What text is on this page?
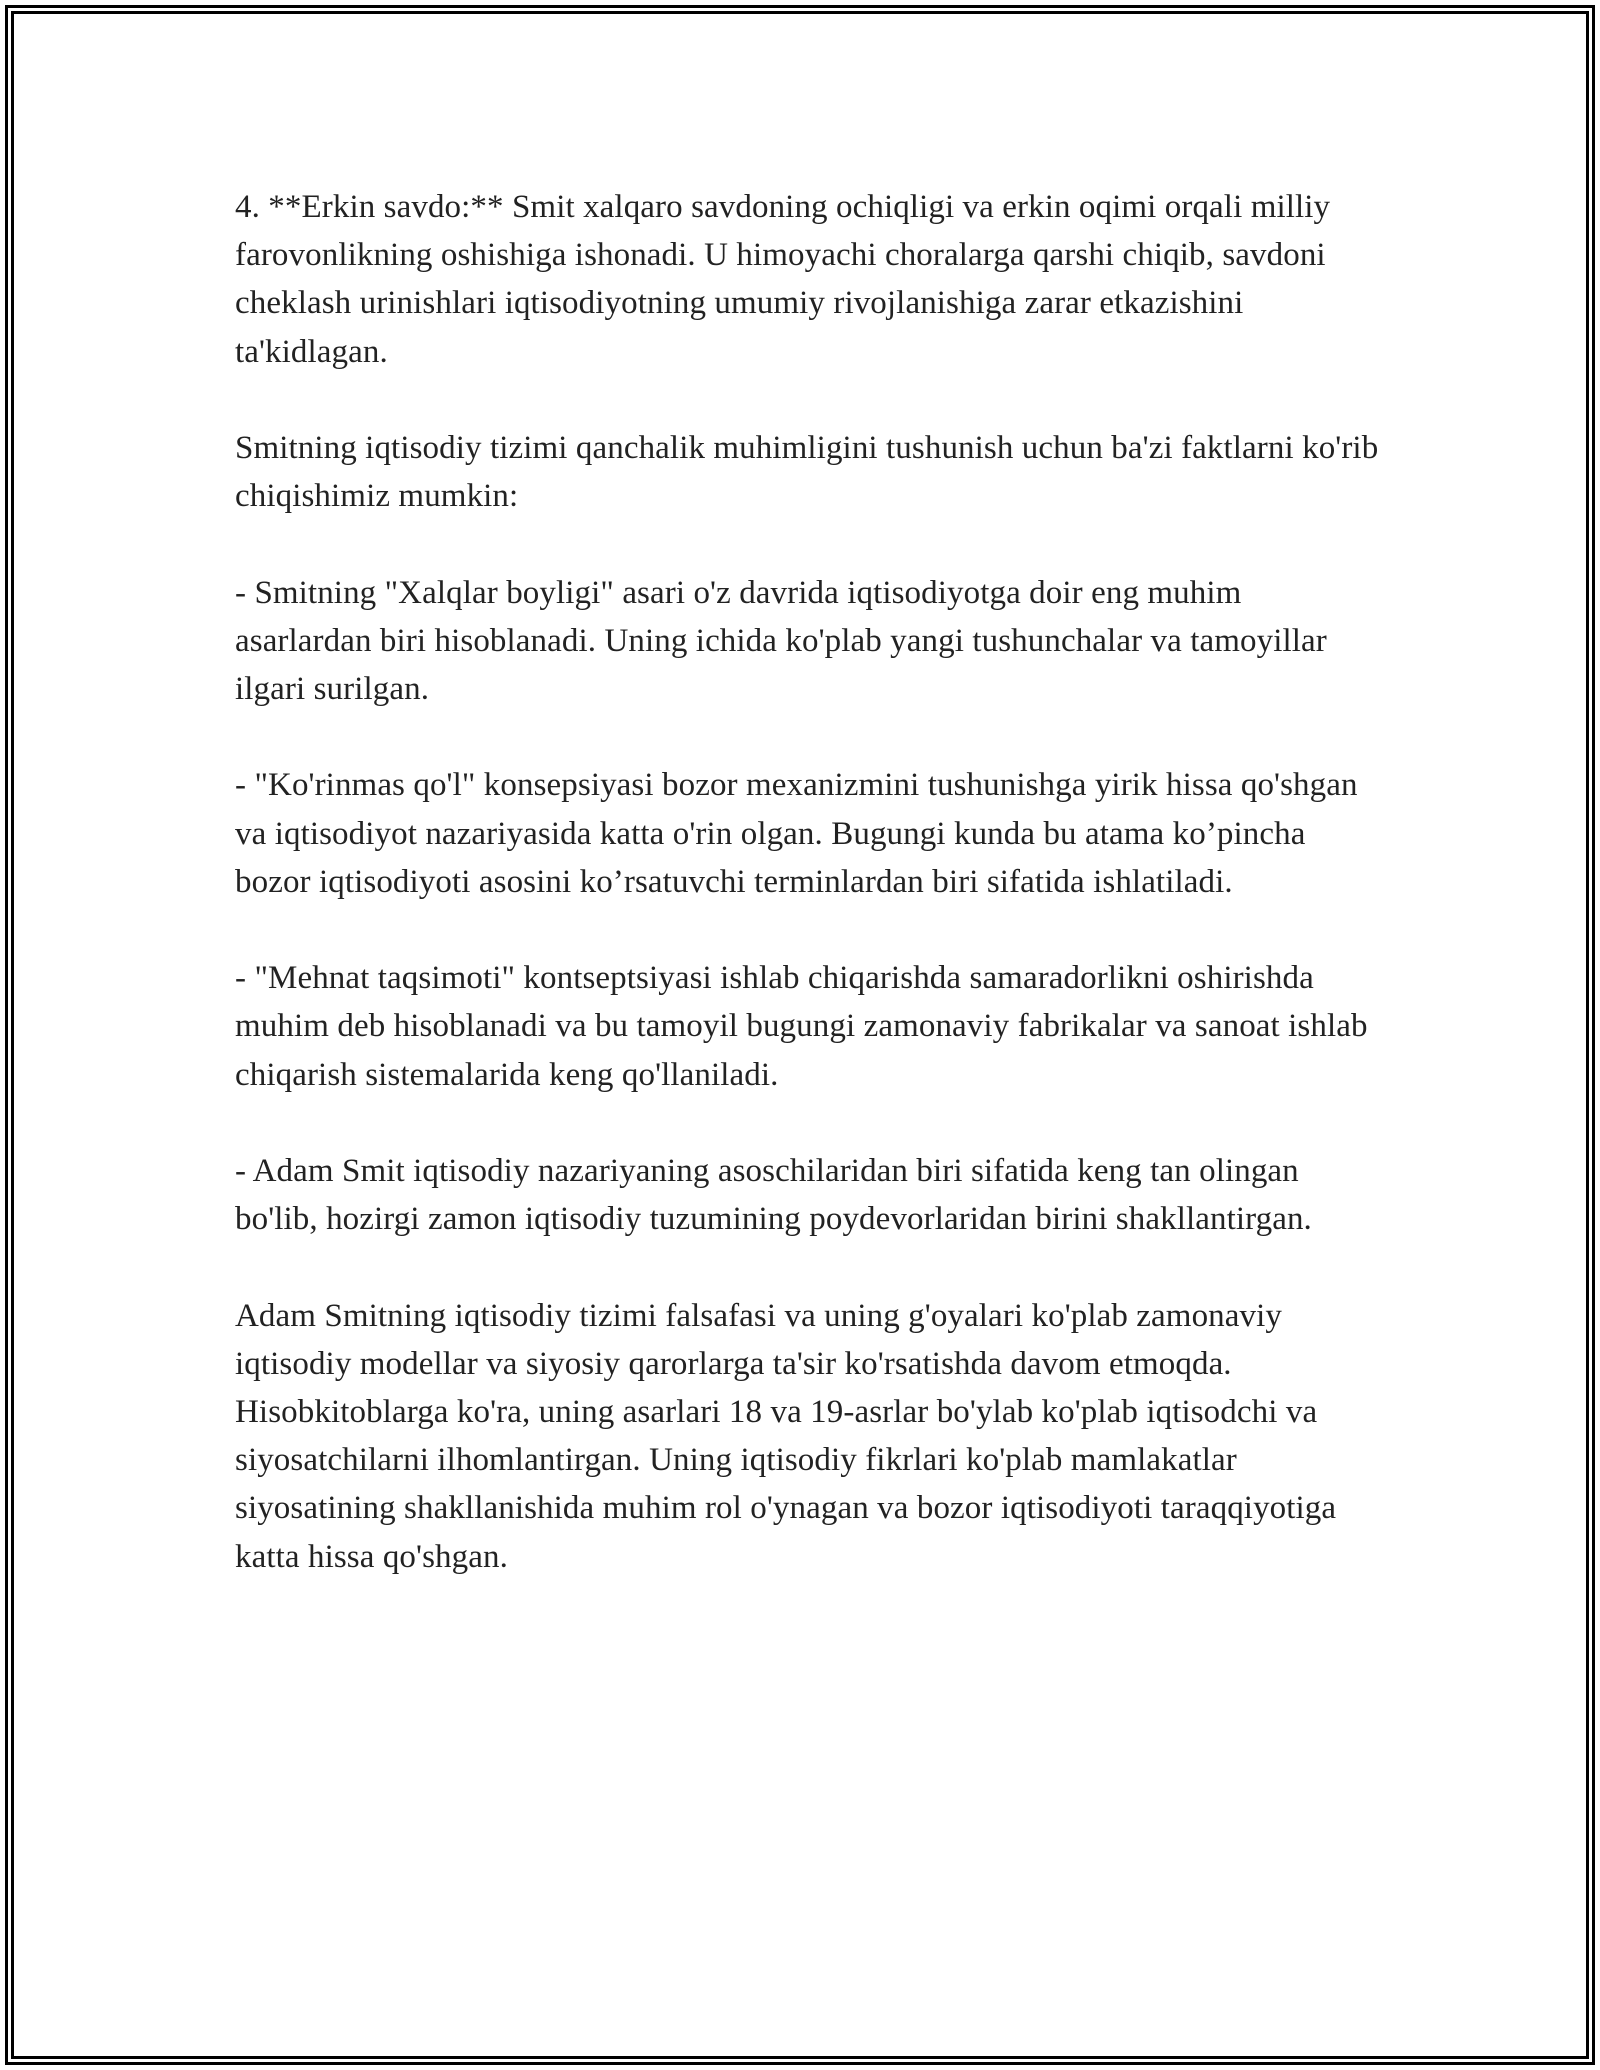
4. **Erkin savdo:** Smit xalqaro savdoning ochiqligi va erkin oqimi orqali milliy farovonlikning oshishiga ishonadi. U himoyachi choralarga qarshi chiqib, savdoni cheklash urinishlari iqtisodiyotning umumiy rivojlanishiga zarar etkazishini ta'kidlagan.

Smitning iqtisodiy tizimi qanchalik muhimligini tushunish uchun ba'zi faktlarni ko'rib chiqishimiz mumkin:

- Smitning "Xalqlar boyligi" asari o'z davrida iqtisodiyotga doir eng muhim asarlardan biri hisoblanadi. Uning ichida ko'plab yangi tushunchalar va tamoyillar ilgari surilgan.

- "Ko'rinmas qo'l" konsepsiyasi bozor mexanizmini tushunishga yirik hissa qo'shgan va iqtisodiyot nazariyasida katta o'rin olgan. Bugungi kunda bu atama ko’pincha bozor iqtisodiyoti asosini ko’rsatuvchi terminlardan biri sifatida ishlatiladi.

- "Mehnat taqsimoti" kontseptsiyasi ishlab chiqarishda samaradorlikni oshirishda muhim deb hisoblanadi va bu tamoyil bugungi zamonaviy fabrikalar va sanoat ishlab chiqarish sistemalarida keng qo'llaniladi.

- Adam Smit iqtisodiy nazariyaning asoschilaridan biri sifatida keng tan olingan bo'lib, hozirgi zamon iqtisodiy tuzumining poydevorlaridan birini shakllantirgan.

Adam Smitning iqtisodiy tizimi falsafasi va uning g'oyalari ko'plab zamonaviy iqtisodiy modellar va siyosiy qarorlarga ta'sir ko'rsatishda davom etmoqda. Hisobkitoblarga ko'ra, uning asarlari 18 va 19-asrlar bo'ylab ko'plab iqtisodchi va siyosatchilarni ilhomlantirgan. Uning iqtisodiy fikrlari ko'plab mamlakatlar siyosatining shakllanishida muhim rol o'ynagan va bozor iqtisodiyoti taraqqiyotiga katta hissa qo'shgan.
